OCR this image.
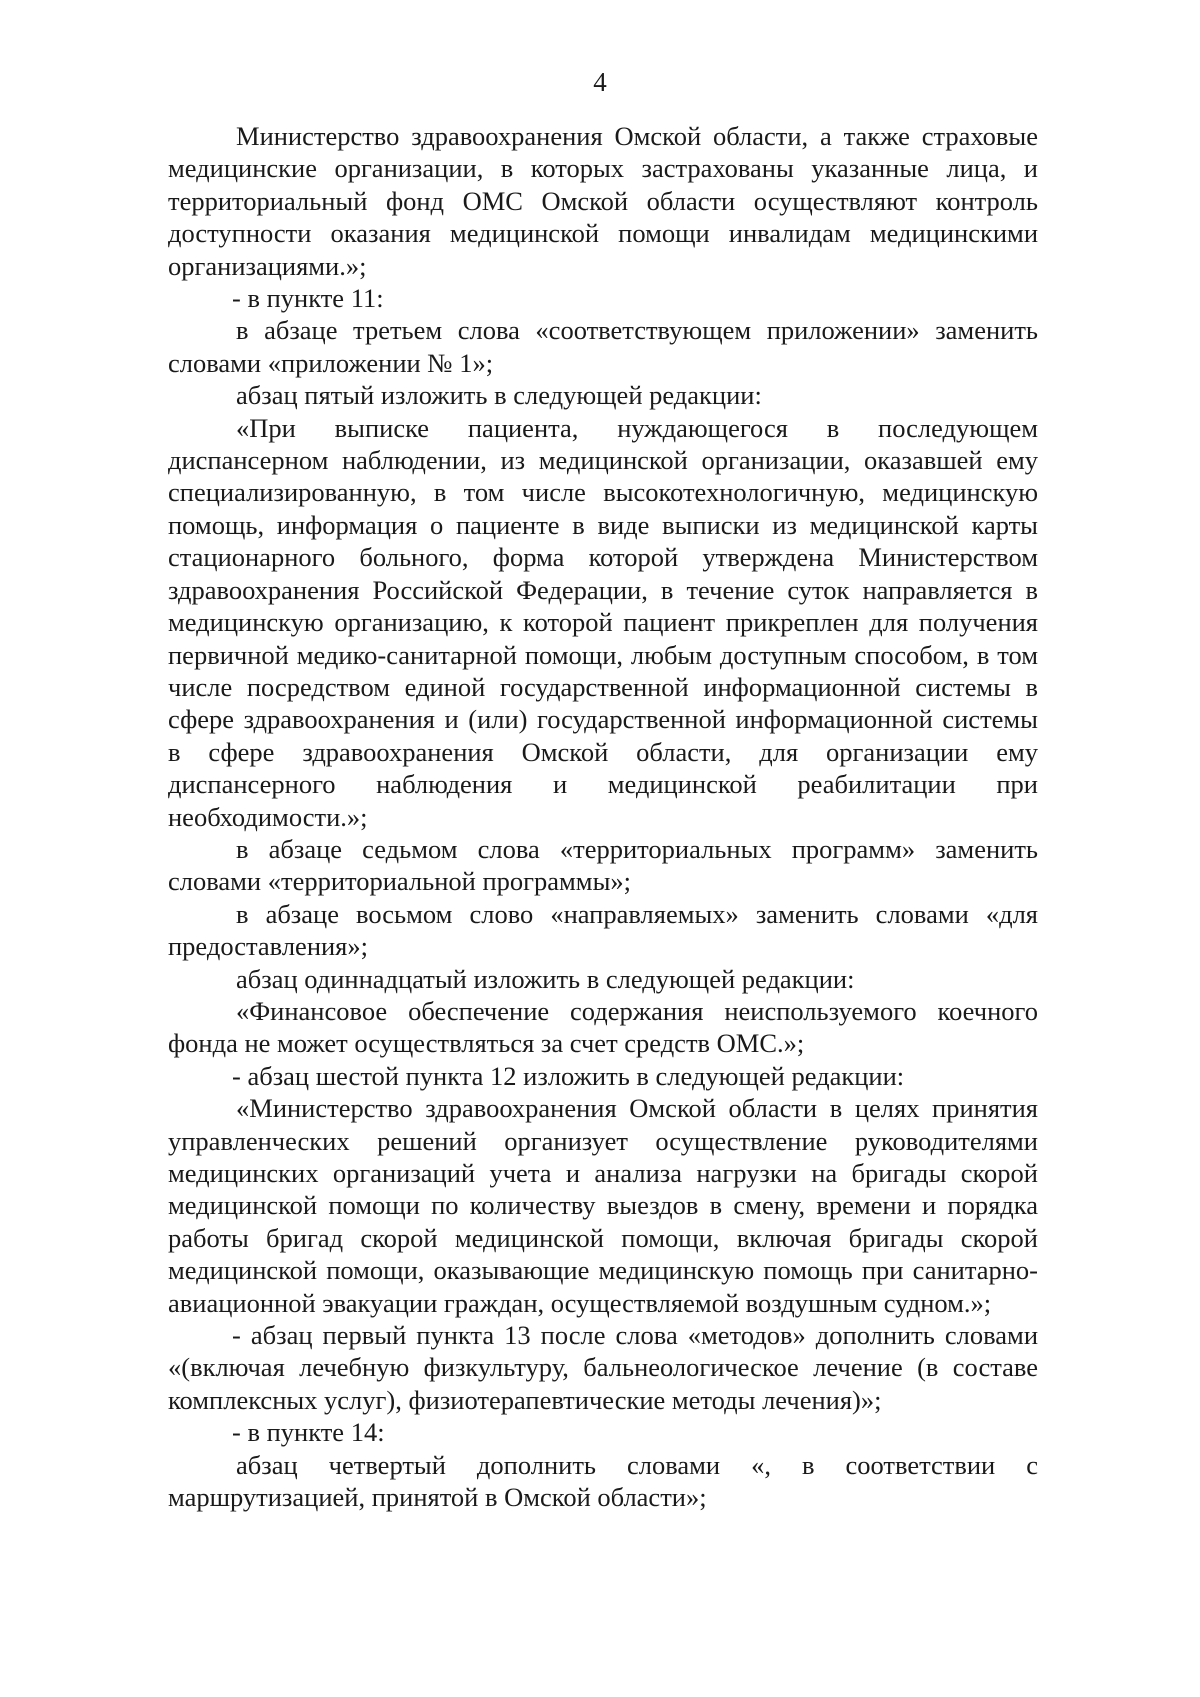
4

Министерство здравоохранения Омской области, а также страховые медицинские организации, в которых застрахованы указанные лица, и территориальный фонд ОМС Омской области осуществляют контроль доступности оказания медицинской помощи инвалидам медицинскими организациями.»;

- в пункте 11:

в абзаце третьем слова «соответствующем приложении» заменить словами «приложении № 1»;

абзац пятый изложить в следующей редакции:

«При выписке пациента, нуждающегося в последующем диспансерном наблюдении, из медицинской организации, оказавшей ему специализированную, в том числе высокотехнологичную, медицинскую помощь, информация о пациенте в виде выписки из медицинской карты стационарного больного, форма которой утверждена Министерством здравоохранения Российской Федерации, в течение суток направляется в медицинскую организацию, к которой пациент прикреплен для получения первичной медико-санитарной помощи, любым доступным способом, в том числе посредством единой государственной информационной системы в сфере здравоохранения и (или) государственной информационной системы в сфере здравоохранения Омской области, для организации ему диспансерного наблюдения и медицинской реабилитации при необходимости.»;

в абзаце седьмом слова «территориальных программ» заменить словами «территориальной программы»;

в абзаце восьмом слово «направляемых» заменить словами «для предоставления»;

абзац одиннадцатый изложить в следующей редакции:

«Финансовое обеспечение содержания неиспользуемого коечного фонда не может осуществляться за счет средств ОМС.»;

- абзац шестой пункта 12 изложить в следующей редакции:

«Министерство здравоохранения Омской области в целях принятия управленческих решений организует осуществление руководителями медицинских организаций учета и анализа нагрузки на бригады скорой медицинской помощи по количеству выездов в смену, времени и порядка работы бригад скорой медицинской помощи, включая бригады скорой медицинской помощи, оказывающие медицинскую помощь при санитарно-авиационной эвакуации граждан, осуществляемой воздушным судном.»;

- абзац первый пункта 13 после слова «методов» дополнить словами «(включая лечебную физкультуру, бальнеологическое лечение (в составе комплексных услуг), физиотерапевтические методы лечения)»;

- в пункте 14:

абзац четвертый дополнить словами «, в соответствии с маршрутизацией, принятой в Омской области»;
